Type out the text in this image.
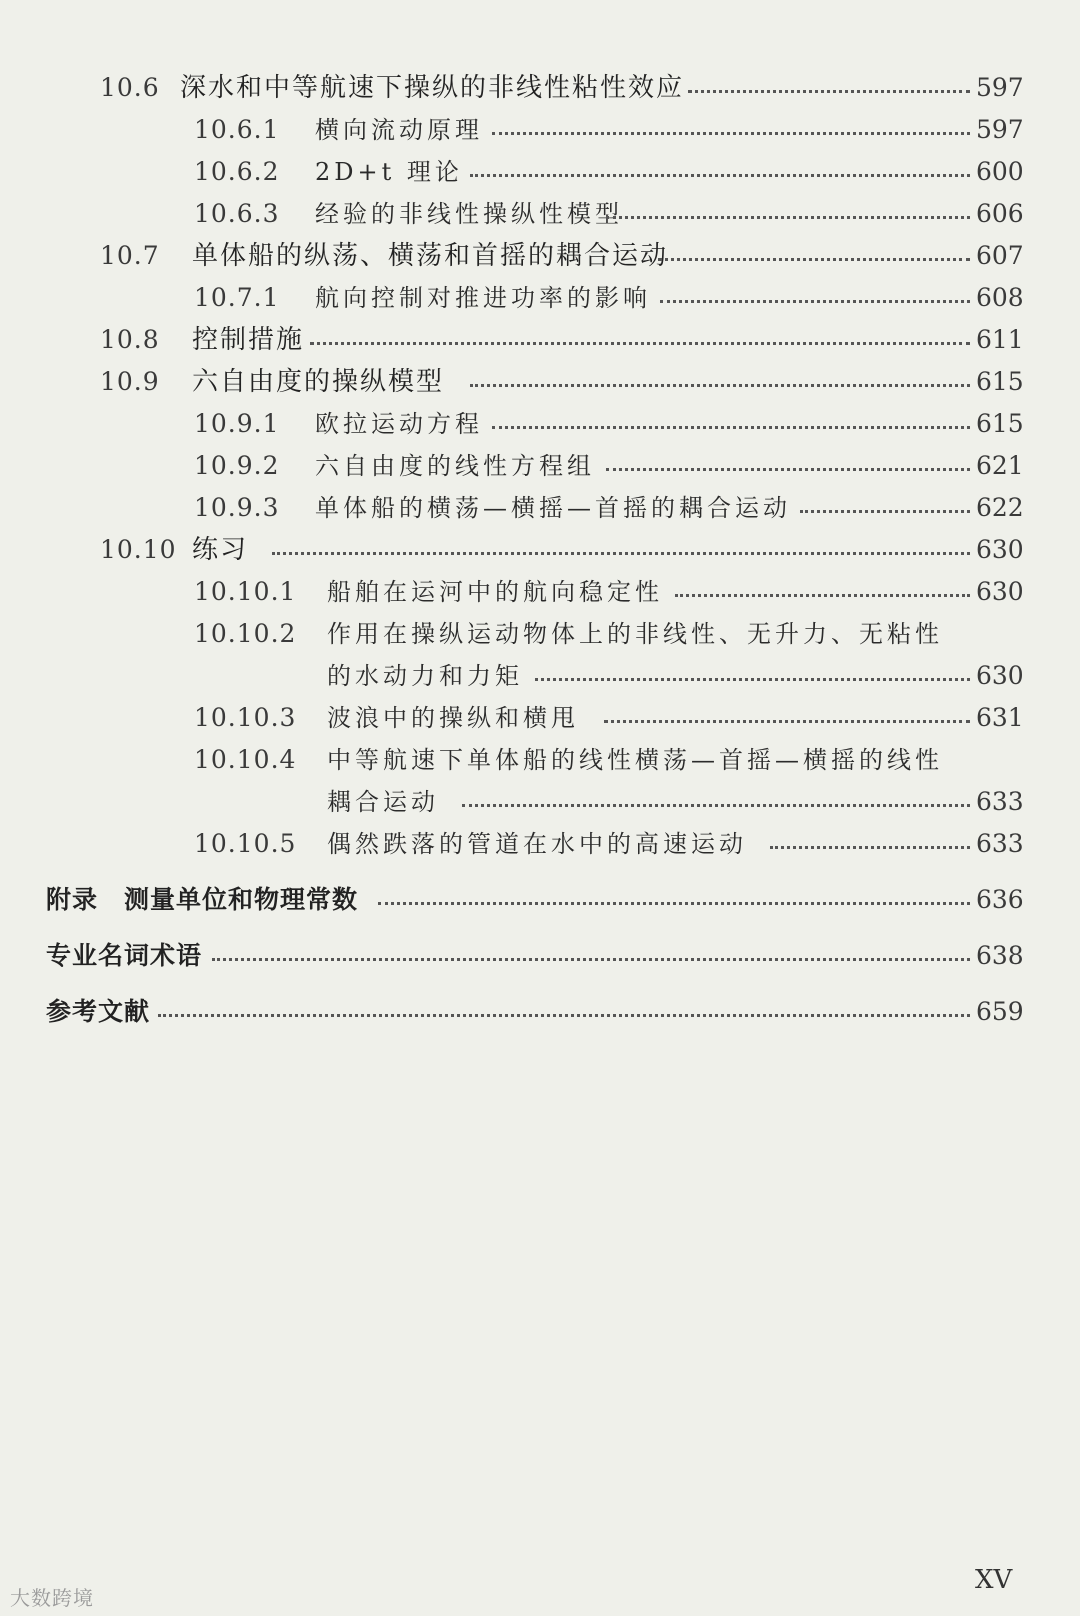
10.6 深水和中等航速下操纵的非线性粘性效应	597
10.6.1 横向流动原理	597
10.6.2 2D+t 理论	600
10.6.3 经验的非线性操纵性模型	606
10.7 单体船的纵荡、横荡和首摇的耦合运动	607
10.7.1 航向控制对推进功率的影响	608
10.8 控制措施	611
10.9 六自由度的操纵模型	615
10.9.1 欧拉运动方程	615
10.9.2 六自由度的线性方程组	621
10.9.3 单体船的横荡—横摇—首摇的耦合运动	622
10.10 练习	630
10.10.1 船舶在运河中的航向稳定性	630
10.10.2 作用在操纵运动物体上的非线性、无升力、无粘性
的水动力和力矩	630
10.10.3 波浪中的操纵和横甩	631
10.10.4 中等航速下单体船的线性横荡—首摇—横摇的线性
耦合运动	633
10.10.5 偶然跌落的管道在水中的高速运动	633
附录　测量单位和物理常数	636
专业名词术语	638
参考文献	659
XV
大数跨境
